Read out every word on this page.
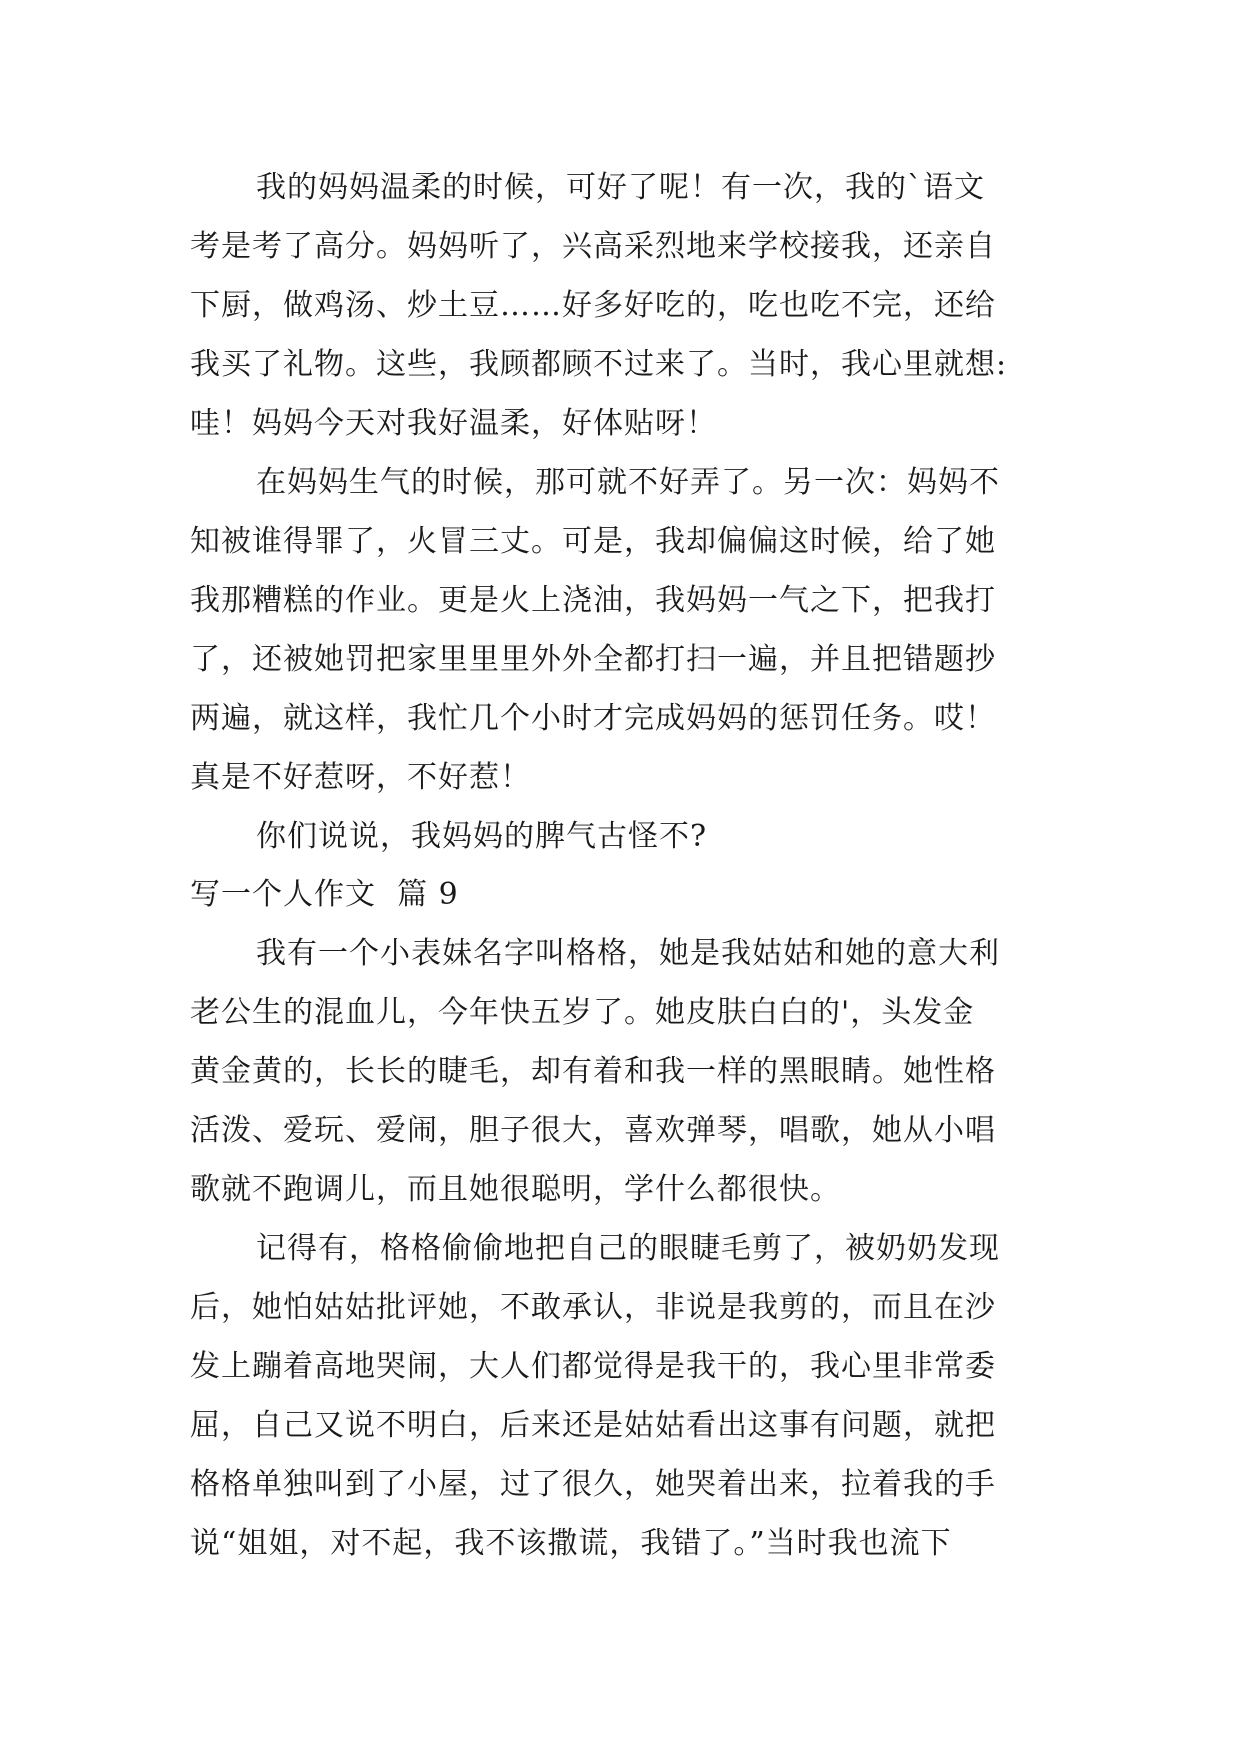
我的妈妈温柔的时候，可好了呢！有一次，我的`语文
考是考了高分。妈妈听了，兴高采烈地来学校接我，还亲自
下厨，做鸡汤、炒土豆……好多好吃的，吃也吃不完，还给
我买了礼物。这些，我顾都顾不过来了。当时，我心里就想:
哇！妈妈今天对我好温柔，好体贴呀！
在妈妈生气的时候，那可就不好弄了。另一次：妈妈不
知被谁得罪了，火冒三丈。可是，我却偏偏这时候，给了她
我那糟糕的作业。更是火上浇油，我妈妈一气之下，把我打
了，还被她罚把家里里里外外全都打扫一遍，并且把错题抄
两遍，就这样，我忙几个小时才完成妈妈的惩罚任务。哎！
真是不好惹呀，不好惹！
你们说说，我妈妈的脾气古怪不?
写一个人作文  篇 9
我有一个小表妹名字叫格格，她是我姑姑和她的意大利
老公生的混血儿，今年快五岁了。她皮肤白白的'，头发金
黄金黄的，长长的睫毛，却有着和我一样的黑眼睛。她性格
活泼、爱玩、爱闹，胆子很大，喜欢弹琴，唱歌，她从小唱
歌就不跑调儿，而且她很聪明，学什么都很快。
记得有，格格偷偷地把自己的眼睫毛剪了，被奶奶发现
后，她怕姑姑批评她，不敢承认，非说是我剪的，而且在沙
发上蹦着高地哭闹，大人们都觉得是我干的，我心里非常委
屈，自己又说不明白，后来还是姑姑看出这事有问题，就把
格格单独叫到了小屋，过了很久，她哭着出来，拉着我的手
说“姐姐，对不起，我不该撒谎，我错了。”当时我也流下
